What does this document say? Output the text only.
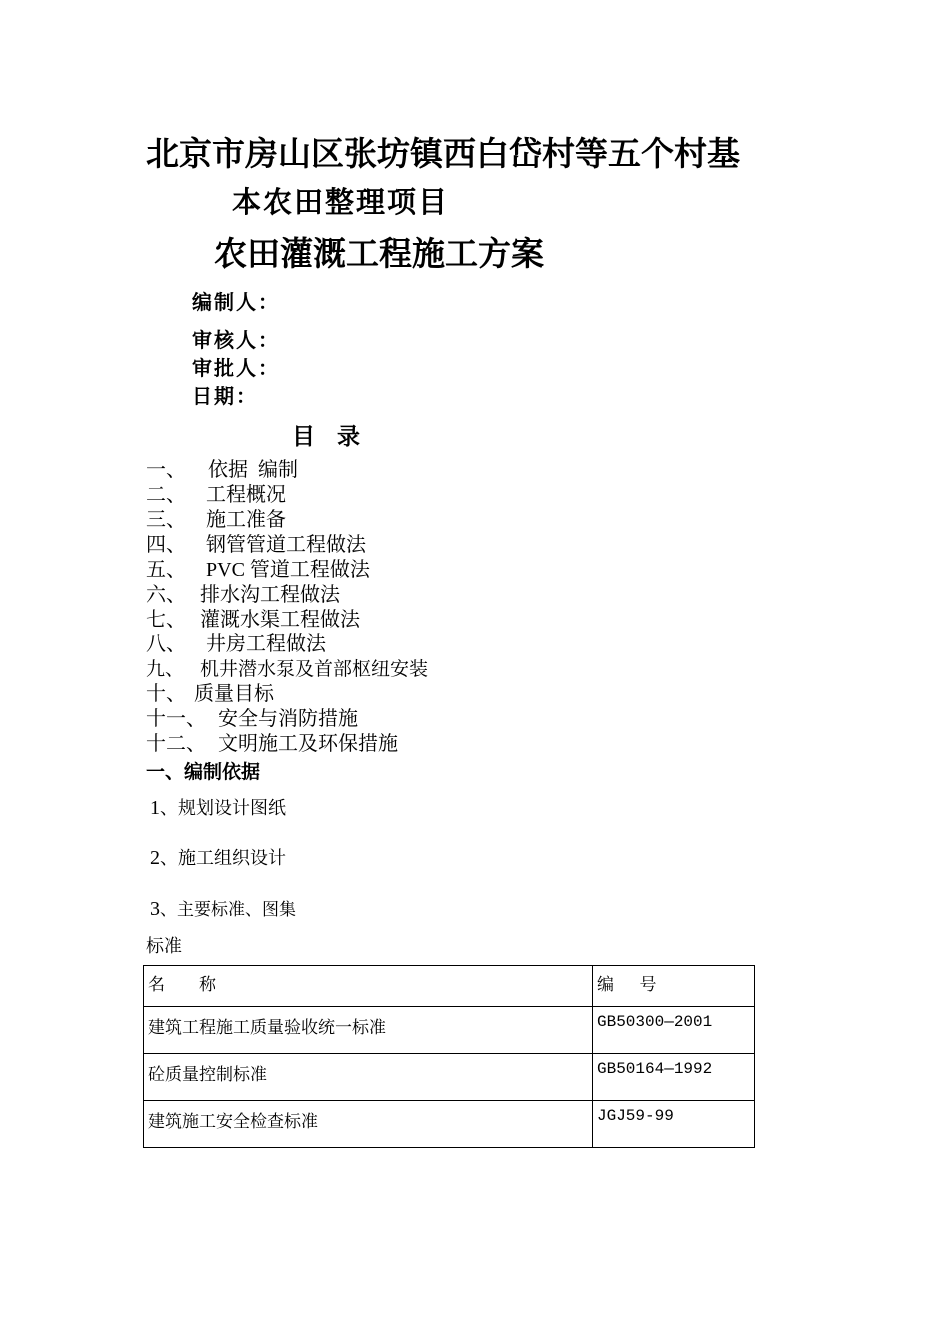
北京市房山区张坊镇西白岱村等五个村基
本农田整理项目
农田灌溉工程施工方案
编制人：
审核人：
审批人：
日期：
目 录
一、 依据  编制
二、 工程概况
三、 施工准备
四、 钢管管道工程做法
五、 PVC 管道工程做法
六、 排水沟工程做法
七、 灌溉水渠工程做法
八、 井房工程做法
九、 机井潜水泵及首部枢纽安装
十、 质量目标
十一、 安全与消防措施
十二、 文明施工及环保措施
一、编制依据
1、规划设计图纸
2、施工组织设计
3、主要标准、图集
标准
名        称	编      号
建筑工程施工质量验收统一标准	GB50300—2001
砼质量控制标准	GB50164—1992
建筑施工安全检查标准	JGJ59-99
